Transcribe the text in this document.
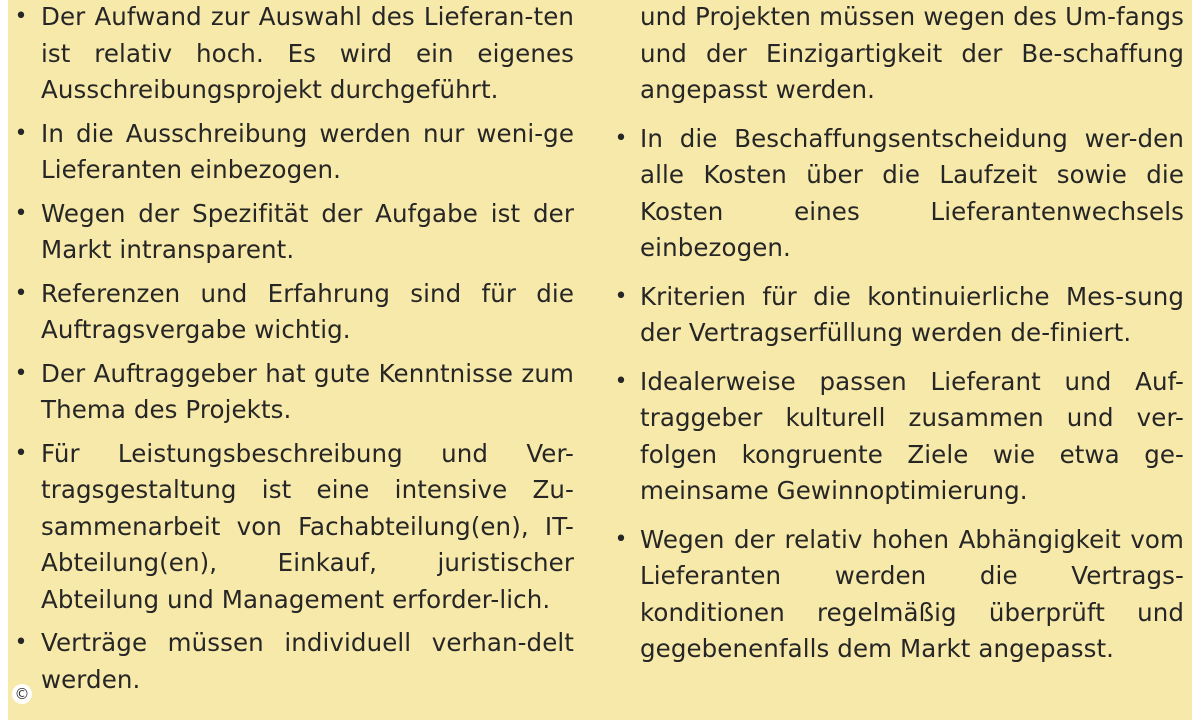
• Der Aufwand zur Auswahl des Lieferan-ten ist relativ hoch. Es wird ein eigenes Ausschreibungsprojekt durchgeführt.
• In die Ausschreibung werden nur weni-ge Lieferanten einbezogen.
• Wegen der Spezifität der Aufgabe ist der Markt intransparent.
• Referenzen und Erfahrung sind für die Auftragsvergabe wichtig.
• Der Auftraggeber hat gute Kenntnisse zum Thema des Projekts.
• Für Leistungsbeschreibung und Ver-tragsgestaltung ist eine intensive Zu-sammenarbeit von Fachabteilung(en), IT-Abteilung(en), Einkauf, juristischer Abteilung und Management erforder-lich.
• Verträge müssen individuell verhan-delt werden.
und Projekten müssen wegen des Um-fangs und der Einzigartigkeit der Be-schaffung angepasst werden.
• In die Beschaffungsentscheidung wer-den alle Kosten über die Laufzeit sowie die Kosten eines Lieferantenwechsels einbezogen.
• Kriterien für die kontinuierliche Mes-sung der Vertragserfüllung werden de-finiert.
• Idealerweise passen Lieferant und Auf-traggeber kulturell zusammen und ver-folgen kongruente Ziele wie etwa ge-meinsame Gewinnoptimierung.
• Wegen der relativ hohen Abhängigkeit vom Lieferanten werden die Vertrags-konditionen regelmäßig überprüft und gegebenenfalls dem Markt angepasst.
©
